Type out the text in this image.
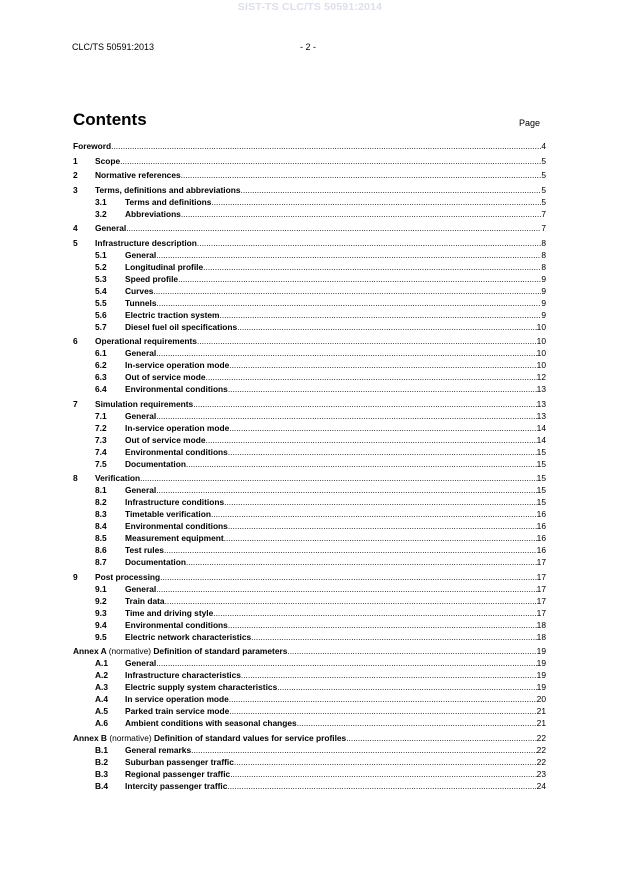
SIST-TS CLC/TS 50591:2014
CLC/TS 50591:2013	- 2 -
Contents	Page
Foreword .....	4
1	Scope .....	5
2	Normative references .....	5
3	Terms, definitions and abbreviations .....	5
3.1	Terms and definitions .....	5
3.2	Abbreviations .....	7
4	General .....	7
5	Infrastructure description .....	8
5.1	General .....	8
5.2	Longitudinal profile .....	8
5.3	Speed profile .....	9
5.4	Curves .....	9
5.5	Tunnels .....	9
5.6	Electric traction system .....	9
5.7	Diesel fuel oil specifications .....	10
6	Operational requirements .....	10
6.1	General .....	10
6.2	In-service operation mode .....	10
6.3	Out of service mode .....	12
6.4	Environmental conditions .....	13
7	Simulation requirements .....	13
7.1	General .....	13
7.2	In-service operation mode .....	14
7.3	Out of service mode .....	14
7.4	Environmental conditions .....	15
7.5	Documentation .....	15
8	Verification .....	15
8.1	General .....	15
8.2	Infrastructure conditions .....	15
8.3	Timetable verification .....	16
8.4	Environmental conditions .....	16
8.5	Measurement equipment .....	16
8.6	Test rules .....	16
8.7	Documentation .....	17
9	Post processing .....	17
9.1	General .....	17
9.2	Train data .....	17
9.3	Time and driving style .....	17
9.4	Environmental conditions .....	18
9.5	Electric network characteristics .....	18
Annex A (normative) Definition of standard parameters .....	19
A.1	General .....	19
A.2	Infrastructure characteristics .....	19
A.3	Electric supply system characteristics .....	19
A.4	In service operation mode .....	20
A.5	Parked train service mode .....	21
A.6	Ambient conditions with seasonal changes .....	21
Annex B (normative) Definition of standard values for service profiles .....	22
B.1	General remarks .....	22
B.2	Suburban passenger traffic .....	22
B.3	Regional passenger traffic .....	23
B.4	Intercity passenger traffic .....	24
